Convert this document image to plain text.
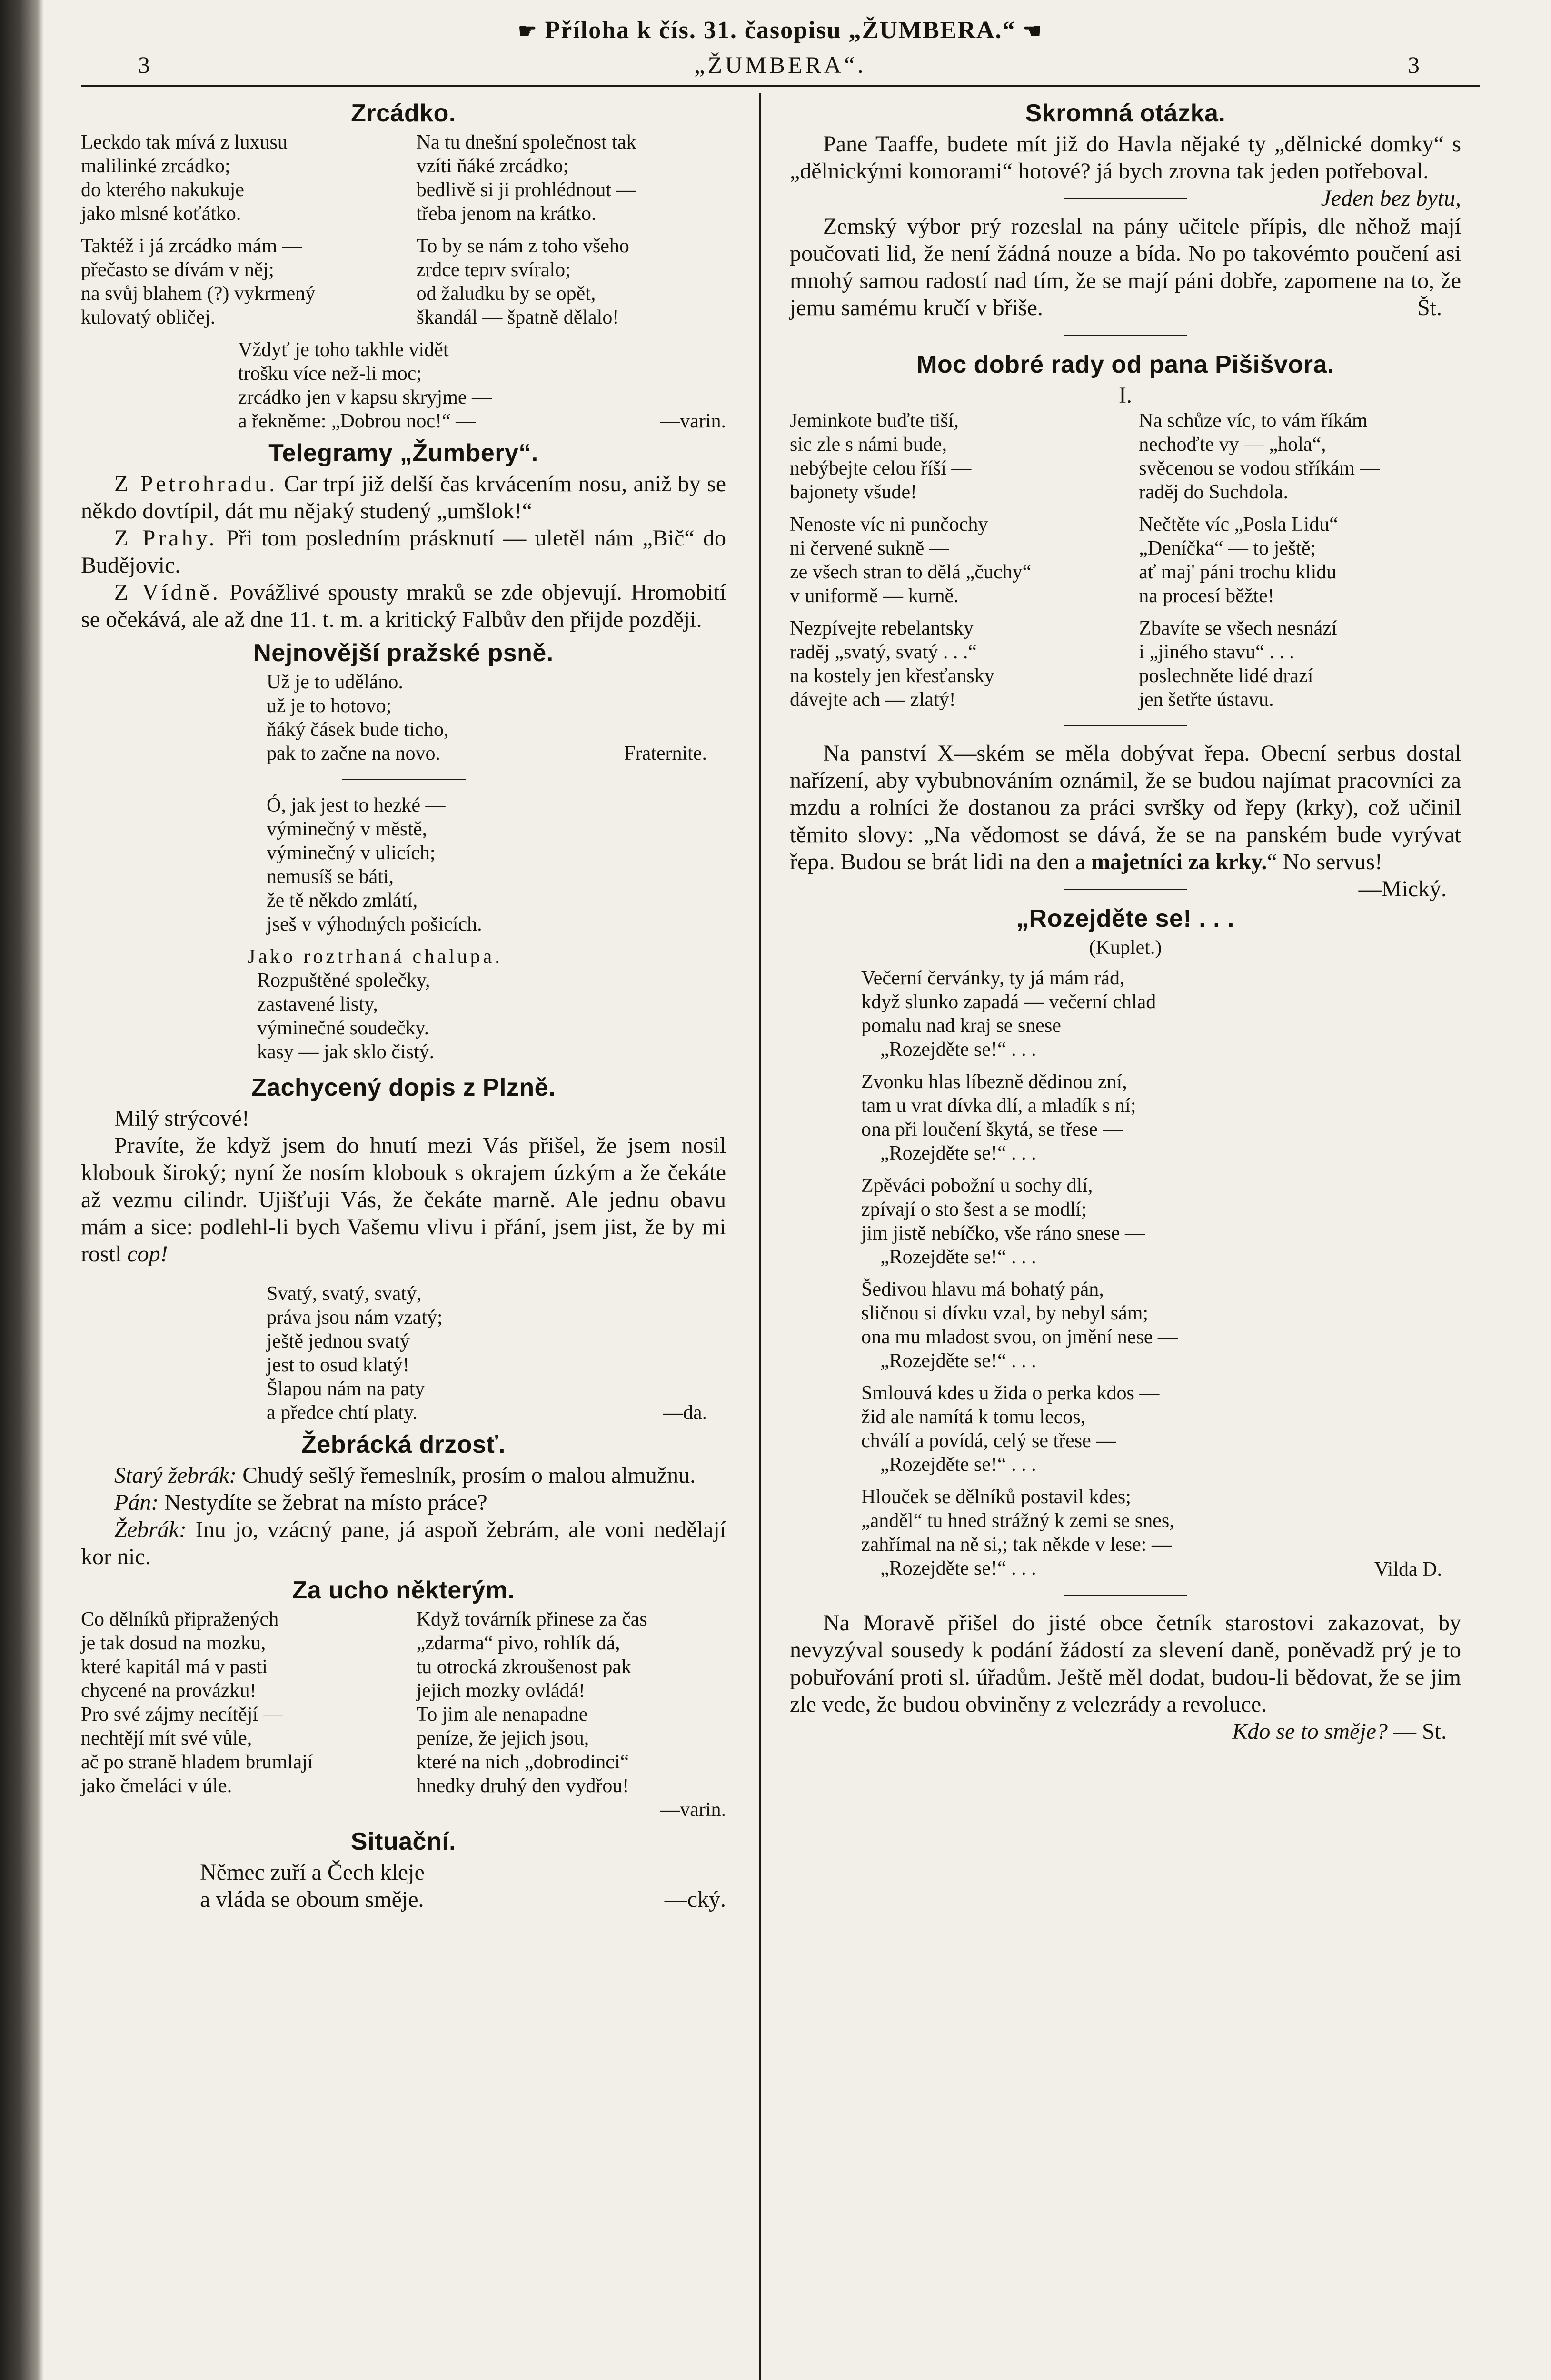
☛ Příloha k čís. 31. časopisu „ŽUMBERA.“ ☚
3	„ŽUMBERA“.	3
Zrcádko.
Leckdo tak mívá z luxusu
malilinké zrcádko;
do kterého nakukuje
jako mlsné koťátko.
Na tu dnešní společnost tak
vzíti ňáké zrcádko;
bedlivě si ji prohlédnout —
třeba jenom na krátko.
Taktéž i já zrcádko mám —
přečasto se dívám v něj;
na svůj blahem (?) vykrmený
kulovatý obličej.
To by se nám z toho všeho
zrdce teprv svíralo;
od žaludku by se opět,
škandál — špatně dělalo!
Vždyť je toho takhle vidět
trošku více než-li moc;
zrcádko jen v kapsu skryjme —
a řekněme: „Dobrou noc!“ —	—varin.
Telegramy „Žumbery“.
Z Petrohradu. Car trpí již delší čas krvácením nosu, aniž by se někdo dovtípil, dát mu nějaký studený „umšlok!“
Z Prahy. Při tom posledním prásknutí — uletěl nám „Bič“ do Budějovic.
Z Vídně. Povážlivé spousty mraků se zde objevují. Hromobití se očekává, ale až dne 11. t. m. a kritický Falbův den přijde později.
Nejnovější pražské psně.
Už je to uděláno.
už je to hotovo;
ňáký čásek bude ticho,
pak to začne na novo.	Fraternite.
Ó, jak jest to hezké —
výminečný v městě,
výminečný v ulicích;
nemusíš se báti,
že tě někdo zmlátí,
jseš v výhodných pošicích.
Jako roztrhaná chalupa.
Rozpuštěné společky,
zastavené listy,
výminečné soudečky.
kasy — jak sklo čistý.
Zachycený dopis z Plzně.
Milý strýcové!
Pravíte, že když jsem do hnutí mezi Vás přišel, že jsem nosil klobouk široký; nyní že nosím klobouk s okrajem úzkým a že čekáte až vezmu cilindr. Ujišťuji Vás, že čekáte marně. Ale jednu obavu mám a sice: podlehl-li bych Vašemu vlivu i přání, jsem jist, že by mi rostl cop!
Svatý, svatý, svatý,
práva jsou nám vzatý;
ještě jednou svatý
jest to osud klatý!
Šlapou nám na paty
a předce chtí platy.	—da.
Žebrácká drzosť.
Starý žebrák: Chudý sešlý řemeslník, prosím o malou almužnu.
Pán: Nestydíte se žebrat na místo práce?
Žebrák: Inu jo, vzácný pane, já aspoň žebrám, ale voni nedělají kor nic.
Za ucho některým.
Co dělníků připražených
je tak dosud na mozku,
které kapitál má v pasti
chycené na provázku!
Pro své zájmy necítějí —
nechtějí mít své vůle,
ač po straně hladem brumlají
jako čmeláci v úle.
Když továrník přinese za čas
„zdarma“ pivo, rohlík dá,
tu otrocká zkroušenost pak
jejich mozky ovládá!
To jim ale nenapadne
peníze, že jejich jsou,
které na nich „dobrodinci“
hnedky druhý den vydřou!
—varin.
Situační.
Němec zuří a Čech kleje
a vláda se oboum směje.	—cký.
Skromná otázka.
Pane Taaffe, budete mít již do Havla nějaké ty „dělnické domky“ s „dělnickými komorami“ hotové? já bych zrovna tak jeden potřeboval.
Jeden bez bytu,
Zemský výbor prý rozeslal na pány učitele přípis, dle něhož mají poučovati lid, že není žádná nouze a bída. No po takovémto poučení asi mnohý samou radostí nad tím, že se mají páni dobře, zapomene na to, že jemu samému kručí v břiše.	Št.
Moc dobré rady od pana Pišišvora.
I.
Jeminkote buďte tiší,
sic zle s námi bude,
nebýbejte celou říší —
bajonety všude!
Na schůze víc, to vám říkám
nechoďte vy — „hola“,
svěcenou se vodou stříkám —
raděj do Suchdola.
Nenoste víc ni punčochy
ni červené suknĕ —
ze všech stran to dělá „čuchy“
v uniformě — kurně.
Nečtěte víc „Posla Lidu“
„Deníčka“ — to ještě;
ať maj' páni trochu klidu
na procesí běžte!
Nezpívejte rebelantsky
raděj „svatý, svatý . . .“
na kostely jen křesťansky
dávejte ach — zlatý!
Zbavíte se všech nesnází
i „jiného stavu“ . . .
poslechněte lidé drazí
jen šetřte ústavu.
Na panství X—ském se měla dobývat řepa. Obecní serbus dostal nařízení, aby vybubnováním oznámil, že se budou najímat pracovníci za mzdu a rolníci že dostanou za práci svršky od řepy (krky), což učinil těmito slovy: „Na vědomost se dává, že se na panském bude vyrývat řepa. Budou se brát lidi na den a majetníci za krky.“ No servus!
—Mický.
„Rozejděte se! . . .
(Kuplet.)
Večerní červánky, ty já mám rád,
když slunko zapadá — večerní chlad
pomalu nad kraj se snese
„Rozejděte se!“ . . .
Zvonku hlas líbezně dědinou zní,
tam u vrat dívka dlí, a mladík s ní;
ona při loučení škytá, se třese —
„Rozejděte se!“ . . .
Zpěváci pobožní u sochy dlí,
zpívají o sto šest a se modlí;
jim jistě nebíčko, vše ráno snese —
„Rozejděte se!“ . . .
Šedivou hlavu má bohatý pán,
sličnou si dívku vzal, by nebyl sám;
ona mu mladost svou, on jmění nese —
„Rozejděte se!“ . . .
Smlouvá kdes u žida o perka kdos —
žid ale namítá k tomu lecos,
chválí a povídá, celý se třese —
„Rozejděte se!“ . . .
Hlouček se dělníků postavil kdes;
„anděl“ tu hned strážný k zemi se snes,
zahřímal na ně si,; tak někde v lese: —
„Rozejděte se!“ . . .	Vilda D.
Na Moravě přišel do jisté obce četník starostovi zakazovat, by nevyzýval sousedy k podání žádostí za slevení daně, poněvadž prý je to pobuřování proti sl. úřadům. Ještě měl dodat, budou-li bědovat, že se jim zle vede, že budou obviněny z velezrády a revoluce.
Kdo se to směje? — St.
